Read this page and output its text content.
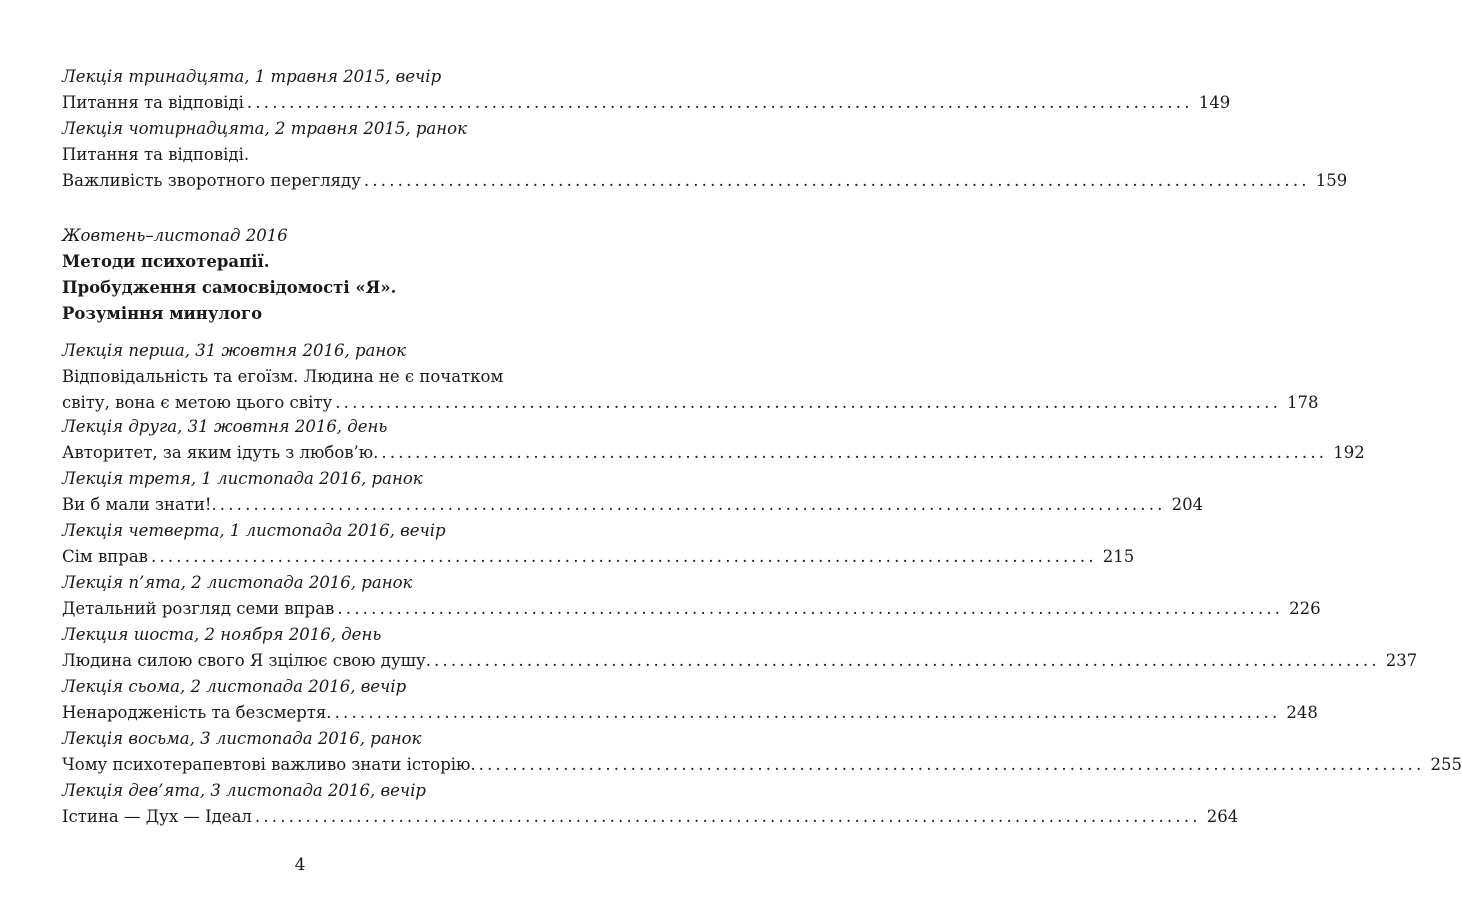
Лекція тринадцята, 1 травня 2015, вечір
Питання та відповіді ................................................................................................................ 149
Лекція чотирнадцята, 2 травня 2015, ранок
Питання та відповіді.
Важливість зворотного перегляду ................................................................................................................ 159
Жовтень–листопад 2016
Методи психотерапії.
Пробудження самосвідомості «Я».
Розуміння минулого
Лекція перша, 31 жовтня 2016, ранок
Відповідальність та егоїзм. Людина не є початком
світу, вона є метою цього світу ................................................................................................................ 178
Лекція друга, 31 жовтня 2016, день
Авторитет, за яким ідуть з любов’ю. ................................................................................................................ 192
Лекція третя, 1 листопада 2016, ранок
Ви б мали знати!. ................................................................................................................ 204
Лекція четверта, 1 листопада 2016, вечір
Сім вправ ................................................................................................................ 215
Лекція п’ята, 2 листопада 2016, ранок
Детальний розгляд семи вправ ................................................................................................................ 226
Лекция шоста, 2 ноября 2016, день
Людина силою свого Я зцілює свою душу. ................................................................................................................ 237
Лекція сьома, 2 листопада 2016, вечір
Ненародженість та безсмертя. ................................................................................................................ 248
Лекція восьма, 3 листопада 2016, ранок
Чому психотерапевтові важливо знати історію. ................................................................................................................ 255
Лекція дев’ята, 3 листопада 2016, вечір
Істина — Дух — Ідеал ................................................................................................................ 264
4
